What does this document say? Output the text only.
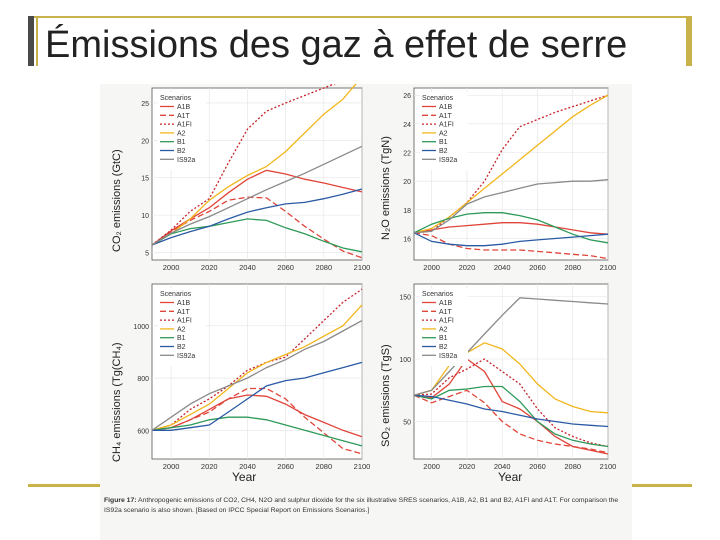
Émissions des gaz à effet de serre
2000	2020	2040	2060	2080	2100
5
10
15
20
25
Scenarios
A1B
A1T
A1FI
A2
B1
B2
IS92a
2000 2020 2040 2060 2080 2100
16
18
20
22
24
26 Scenarios
A1B
A1T
A1FI
A2
B1
B2
IS92a
2000	2020	2040	2060	2080	2100
600
800
1000
Scenarios
A1B
A1T
A1FI
A2
B1
B2
IS92a
2000 2020 2040 2060 2080 2100
50
100
150 Scenarios
A1B
A1T
A1FI
A2
B1
B2
IS92a
CO₂ emissions (GtC)	N₂O emissions (TgN)
CH₄ emissions (Tg(CH₄)	SO₂ emissions (TgS)
Year	Year
Figure 17: Anthropogenic emissions of CO2, CH4, N2O and sulphur dioxide for the six illustrative SRES scenarios, A1B, A2, B1 and B2, A1FI and A1T. For comparison the IS92a scenario is also shown. [Based on IPCC Special Report on Emissions Scenarios.]
